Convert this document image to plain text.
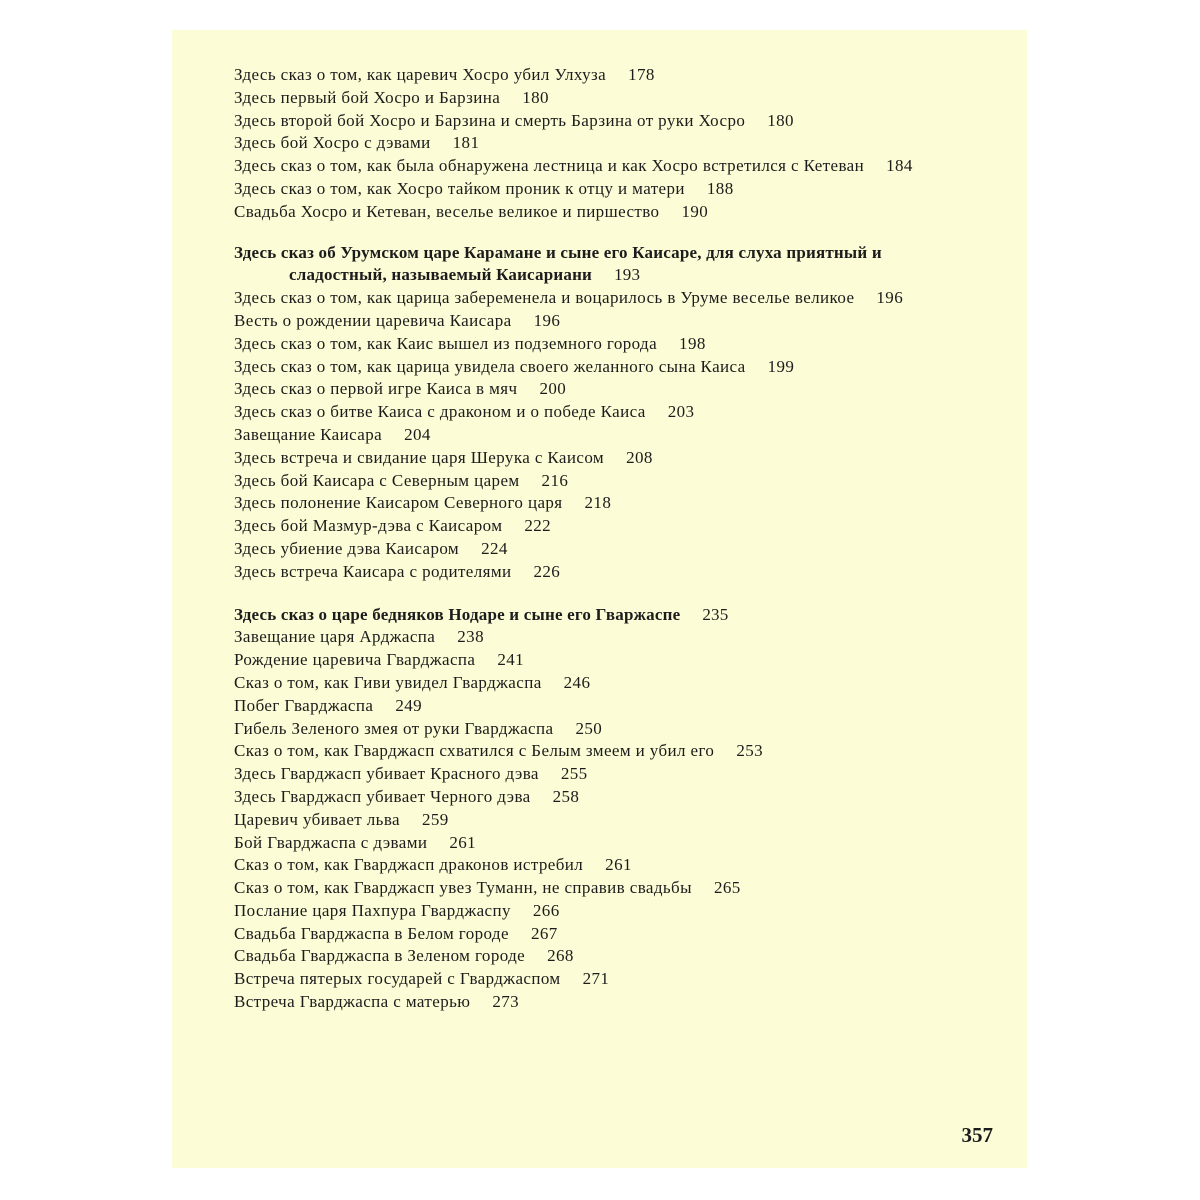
Здесь сказ о том, как царевич Хосро убил Улхуза 178
Здесь первый бой Хосро и Барзина 180
Здесь второй бой Хосро и Барзина и смерть Барзина от руки Хосро 180
Здесь бой Хосро с дэвами 181
Здесь сказ о том, как была обнаружена лестница и как Хосро встретился с Кетеван 184
Здесь сказ о том, как Хосро тайком проник к отцу и матери 188
Свадьба Хосро и Кетеван, веселье великое и пиршество 190
Здесь сказ об Урумском царе Карамане и сыне его Каисаре, для слуха приятный и сладостный, называемый Каисариани 193
Здесь сказ о том, как царица забеременела и воцарилось в Уруме веселье великое 196
Весть о рождении царевича Каисара 196
Здесь сказ о том, как Каис вышел из подземного города 198
Здесь сказ о том, как царица увидела своего желанного сына Каиса 199
Здесь сказ о первой игре Каиса в мяч 200
Здесь сказ о битве Каиса с драконом и о победе Каиса 203
Завещание Каисара 204
Здесь встреча и свидание царя Шерука с Каисом 208
Здесь бой Каисара с Северным царем 216
Здесь полонение Каисаром Северного царя 218
Здесь бой Мазмур-дэва с Каисаром 222
Здесь убиение дэва Каисаром 224
Здесь встреча Каисара с родителями 226
Здесь сказ о царе бедняков Нодаре и сыне его Гваржаспе 235
Завещание царя Арджаспа 238
Рождение царевича Гварджаспа 241
Сказ о том, как Гиви увидел Гварджаспа 246
Побег Гварджаспа 249
Гибель Зеленого змея от руки Гварджаспа 250
Сказ о том, как Гварджасп схватился с Белым змеем и убил его 253
Здесь Гварджасп убивает Красного дэва 255
Здесь Гварджасп убивает Черного дэва 258
Царевич убивает льва 259
Бой Гварджаспа с дэвами 261
Сказ о том, как Гварджасп драконов истребил 261
Сказ о том, как Гварджасп увез Туманн, не справив свадьбы 265
Послание царя Пахпура Гварджаспу 266
Свадьба Гварджаспа в Белом городе 267
Свадьба Гварджаспа в Зеленом городе 268
Встреча пятерых государей с Гварджаспом 271
Встреча Гварджаспа с матерью 273
357
